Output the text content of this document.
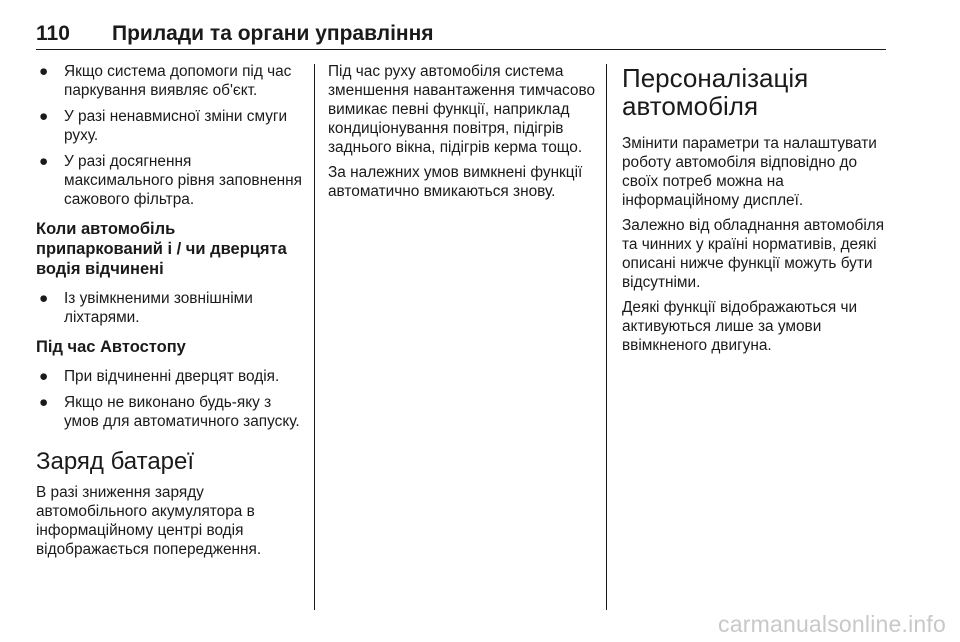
110 Прилади та органи управління
● Якщо система допомоги під час паркування виявляє об'єкт.
● У разі ненавмисної зміни смуги руху.
● У разі досягнення максимального рівня заповнення сажового фільтра.
Коли автомобіль припаркований і / чи дверцята водія відчинені
● Із увімкненими зовнішніми ліхтарями.
Під час Автостопу
● При відчиненні дверцят водія.
● Якщо не виконано будь-яку з умов для автоматичного запуску.
Заряд батареї

В разі зниження заряду автомобільного акумулятора в інформаційному центрі водія відображається попередження.

Під час руху автомобіля система зменшення навантаження тимчасово вимикає певні функції, наприклад кондиціонування повітря, підігрів заднього вікна, підігрів керма тощо.

За належних умов вимкнені функції автоматично вмикаються знову.

Персоналізація автомобіля

Змінити параметри та налаштувати роботу автомобіля відповідно до своїх потреб можна на інформаційному дисплеї.

Залежно від обладнання автомобіля та чинних у країні нормативів, деякі описані нижче функції можуть бути відсутніми.

Деякі функції відображаються чи активуються лише за умови ввімкненого двигуна.

carmanualsonline.info
